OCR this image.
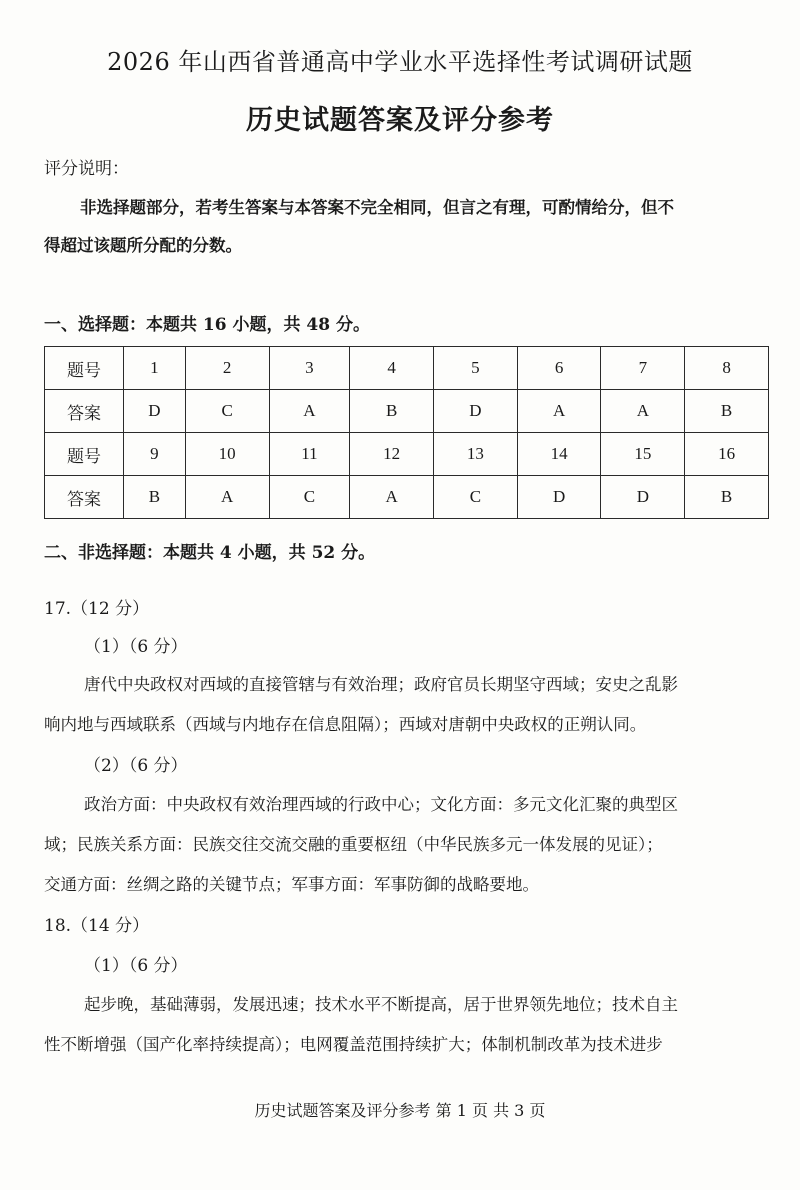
2026 年山西省普通高中学业水平选择性考试调研试题
历史试题答案及评分参考
评分说明：
非选择题部分，若考生答案与本答案不完全相同，但言之有理，可酌情给分，但不
得超过该题所分配的分数。
一、选择题：本题共 16 小题，共 48 分。
题号	1	2	3	4	5	6	7	8
答案	D	C	A	B	D	A	A	B
题号	9	10	11	12	13	14	15	16
答案	B	A	C	A	C	D	D	B
二、非选择题：本题共 4 小题，共 52 分。
17.（12 分）
（1）（6 分）
唐代中央政权对西域的直接管辖与有效治理；政府官员长期坚守西域；安史之乱影
响内地与西域联系（西域与内地存在信息阻隔）；西域对唐朝中央政权的正朔认同。
（2）（6 分）
政治方面：中央政权有效治理西域的行政中心；文化方面：多元文化汇聚的典型区
域；民族关系方面：民族交往交流交融的重要枢纽（中华民族多元一体发展的见证）；
交通方面：丝绸之路的关键节点；军事方面：军事防御的战略要地。
18.（14 分）
（1）（6 分）
起步晚，基础薄弱，发展迅速；技术水平不断提高，居于世界领先地位；技术自主
性不断增强（国产化率持续提高）；电网覆盖范围持续扩大；体制机制改革为技术进步
历史试题答案及评分参考 第 1 页 共 3 页
